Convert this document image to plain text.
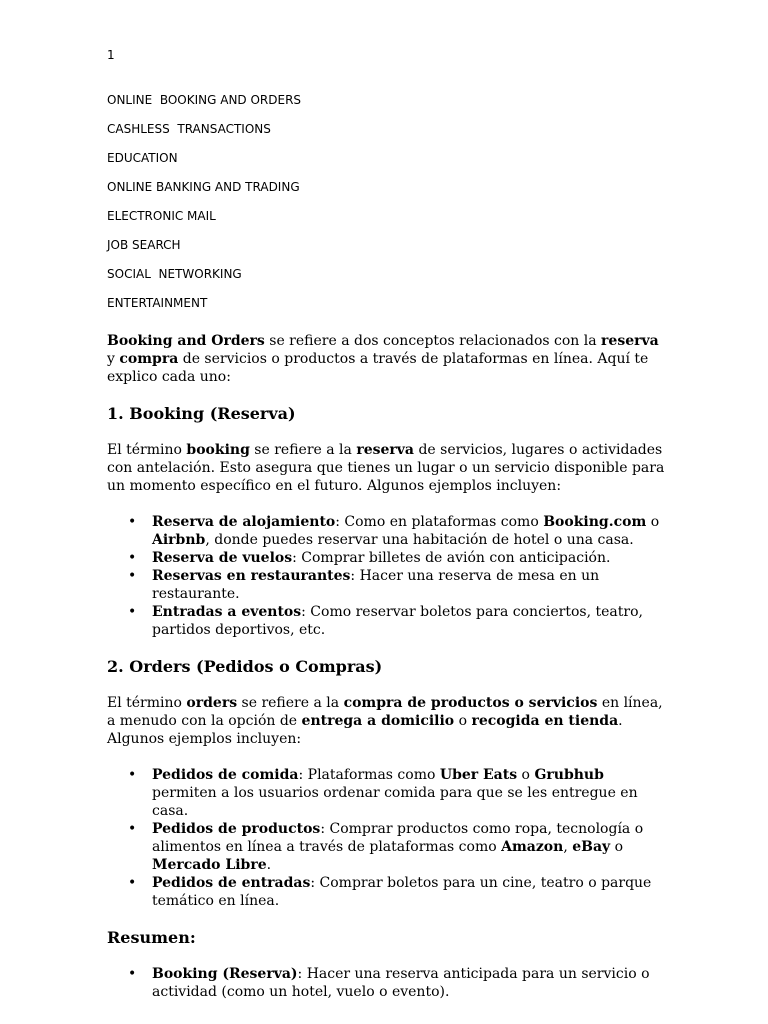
1
ONLINE  BOOKING AND ORDERS
CASHLESS  TRANSACTIONS
EDUCATION
ONLINE BANKING AND TRADING
ELECTRONIC MAIL
JOB SEARCH
SOCIAL  NETWORKING
ENTERTAINMENT

Booking and Orders se refiere a dos conceptos relacionados con la reserva y compra de servicios o productos a través de plataformas en línea. Aquí te explico cada uno:

1. Booking (Reserva)

El término booking se refiere a la reserva de servicios, lugares o actividades con antelación. Esto asegura que tienes un lugar o un servicio disponible para un momento específico en el futuro. Algunos ejemplos incluyen:

• Reserva de alojamiento: Como en plataformas como Booking.com o Airbnb, donde puedes reservar una habitación de hotel o una casa.
• Reserva de vuelos: Comprar billetes de avión con anticipación.
• Reservas en restaurantes: Hacer una reserva de mesa en un restaurante.
• Entradas a eventos: Como reservar boletos para conciertos, teatro, partidos deportivos, etc.
2. Orders (Pedidos o Compras)

El término orders se refiere a la compra de productos o servicios en línea, a menudo con la opción de entrega a domicilio o recogida en tienda. Algunos ejemplos incluyen:

• Pedidos de comida: Plataformas como Uber Eats o Grubhub permiten a los usuarios ordenar comida para que se les entregue en casa.
• Pedidos de productos: Comprar productos como ropa, tecnología o alimentos en línea a través de plataformas como Amazon, eBay o Mercado Libre.
• Pedidos de entradas: Comprar boletos para un cine, teatro o parque temático en línea.
Resumen:
• Booking (Reserva): Hacer una reserva anticipada para un servicio o actividad (como un hotel, vuelo o evento).
